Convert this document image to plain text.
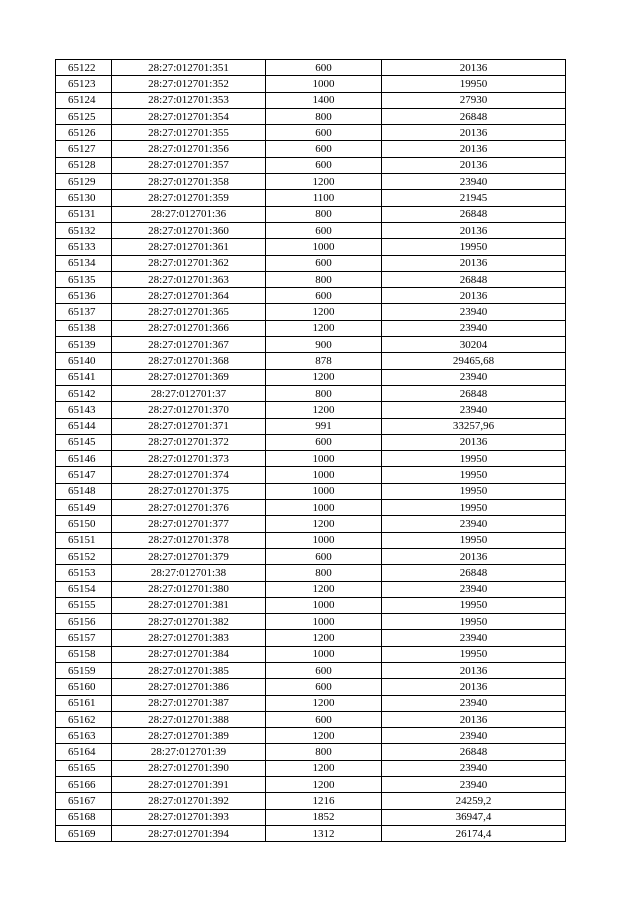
65122	28:27:012701:351	600	20136
65123	28:27:012701:352	1000	19950
65124	28:27:012701:353	1400	27930
65125	28:27:012701:354	800	26848
65126	28:27:012701:355	600	20136
65127	28:27:012701:356	600	20136
65128	28:27:012701:357	600	20136
65129	28:27:012701:358	1200	23940
65130	28:27:012701:359	1100	21945
65131	28:27:012701:36	800	26848
65132	28:27:012701:360	600	20136
65133	28:27:012701:361	1000	19950
65134	28:27:012701:362	600	20136
65135	28:27:012701:363	800	26848
65136	28:27:012701:364	600	20136
65137	28:27:012701:365	1200	23940
65138	28:27:012701:366	1200	23940
65139	28:27:012701:367	900	30204
65140	28:27:012701:368	878	29465,68
65141	28:27:012701:369	1200	23940
65142	28:27:012701:37	800	26848
65143	28:27:012701:370	1200	23940
65144	28:27:012701:371	991	33257,96
65145	28:27:012701:372	600	20136
65146	28:27:012701:373	1000	19950
65147	28:27:012701:374	1000	19950
65148	28:27:012701:375	1000	19950
65149	28:27:012701:376	1000	19950
65150	28:27:012701:377	1200	23940
65151	28:27:012701:378	1000	19950
65152	28:27:012701:379	600	20136
65153	28:27:012701:38	800	26848
65154	28:27:012701:380	1200	23940
65155	28:27:012701:381	1000	19950
65156	28:27:012701:382	1000	19950
65157	28:27:012701:383	1200	23940
65158	28:27:012701:384	1000	19950
65159	28:27:012701:385	600	20136
65160	28:27:012701:386	600	20136
65161	28:27:012701:387	1200	23940
65162	28:27:012701:388	600	20136
65163	28:27:012701:389	1200	23940
65164	28:27:012701:39	800	26848
65165	28:27:012701:390	1200	23940
65166	28:27:012701:391	1200	23940
65167	28:27:012701:392	1216	24259,2
65168	28:27:012701:393	1852	36947,4
65169	28:27:012701:394	1312	26174,4
